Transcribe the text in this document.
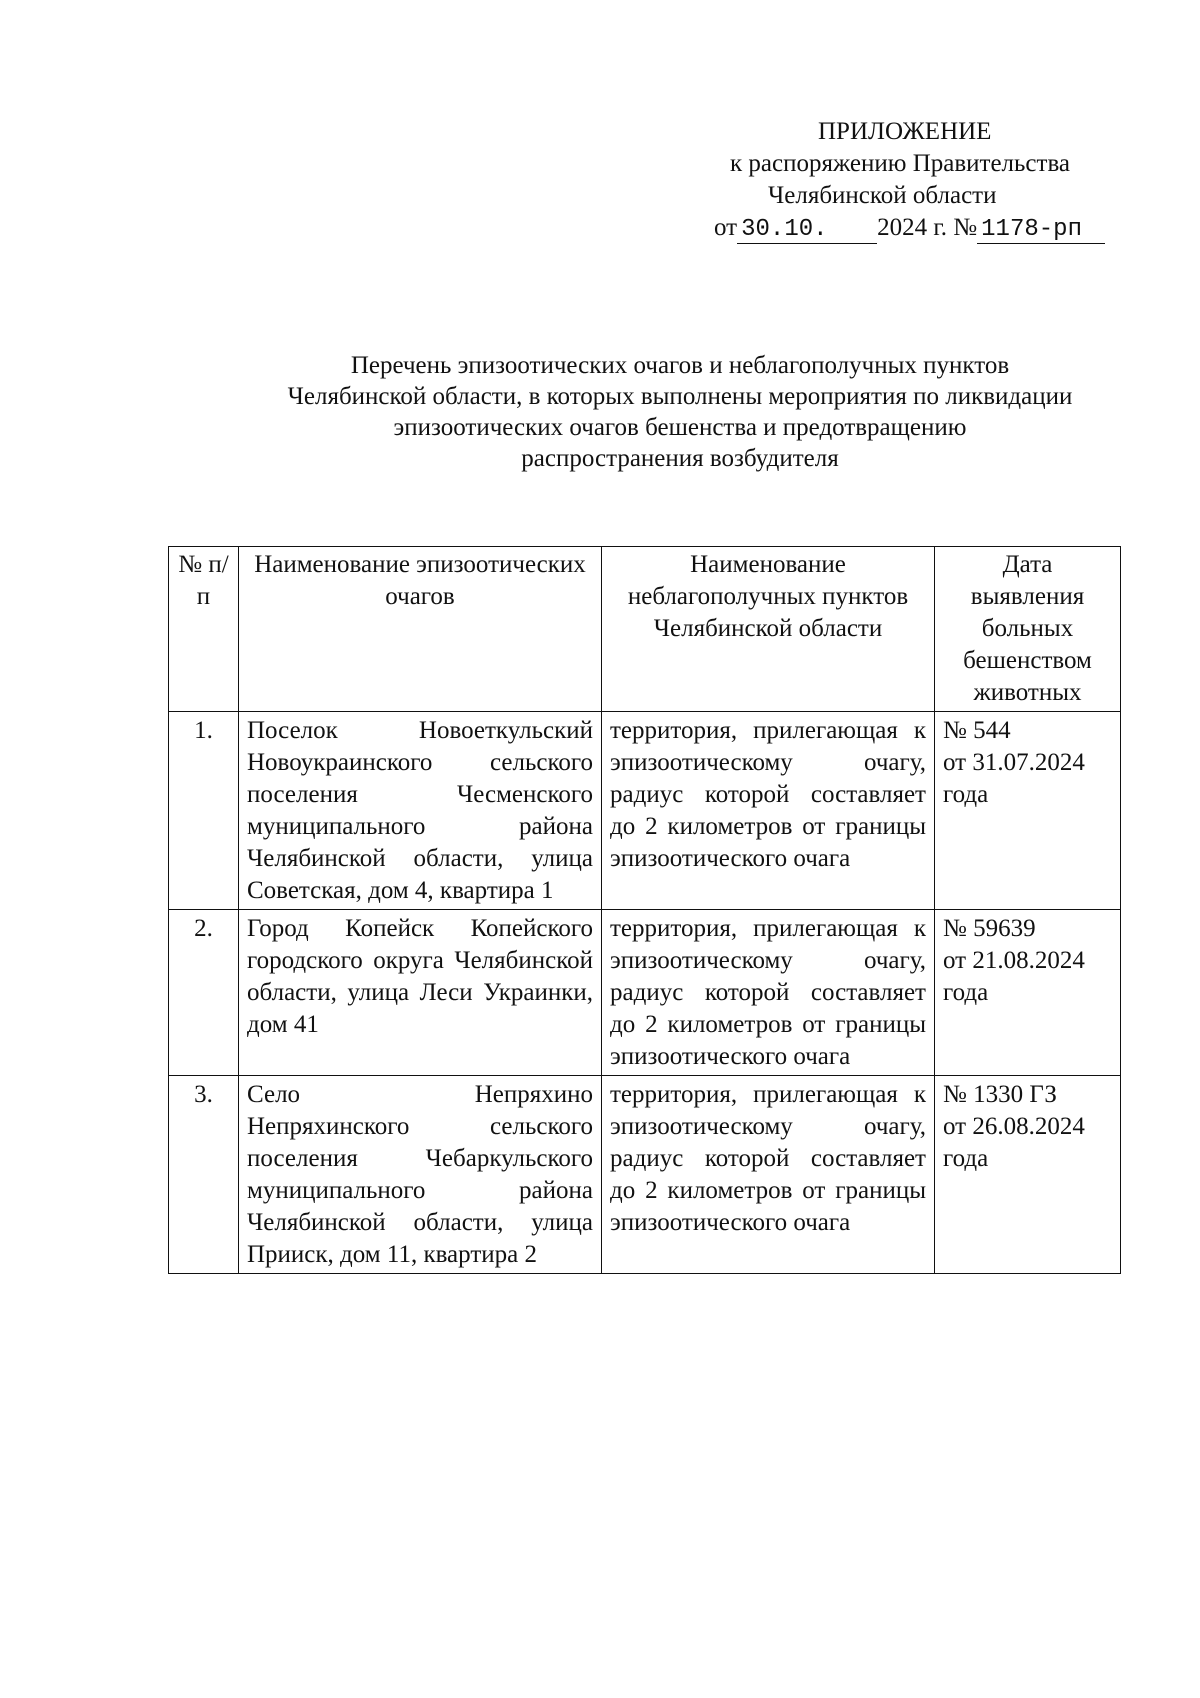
ПРИЛОЖЕНИЕ
к распоряжению Правительства
Челябинской области
от 30.10. 2024 г. № 1178-рп
Перечень эпизоотических очагов и неблагополучных пунктов
Челябинской области, в которых выполнены мероприятия по ликвидации
эпизоотических очагов бешенства и предотвращению
распространения возбудителя
№ п/п	Наименование эпизоотических очагов	Наименование неблагополучных пунктов Челябинской области	Дата выявления больных бешенством животных
1.	Поселок Новоеткульский Новоукраинского сельского поселения Чесменского муниципального района Челябинской области, улица Советская, дом 4, квартира 1	территория, прилегающая к эпизоотическому очагу, радиус которой составляет до 2 километров от границы эпизоотического очага	№ 544
от 31.07.2024
года

2.	Город Копейск Копейского городского округа Челябинской области, улица Леси Украинки, дом 41	территория, прилегающая к эпизоотическому очагу, радиус которой составляет до 2 километров от границы эпизоотического очага	№ 59639
от 21.08.2024
года

3.	Село Непряхино Непряхинского сельского поселения Чебаркульского муниципального района Челябинской области, улица Прииск, дом 11, квартира 2	территория, прилегающая к эпизоотическому очагу, радиус которой составляет до 2 километров от границы эпизоотического очага	№ 1330 ГЗ
от 26.08.2024
года
